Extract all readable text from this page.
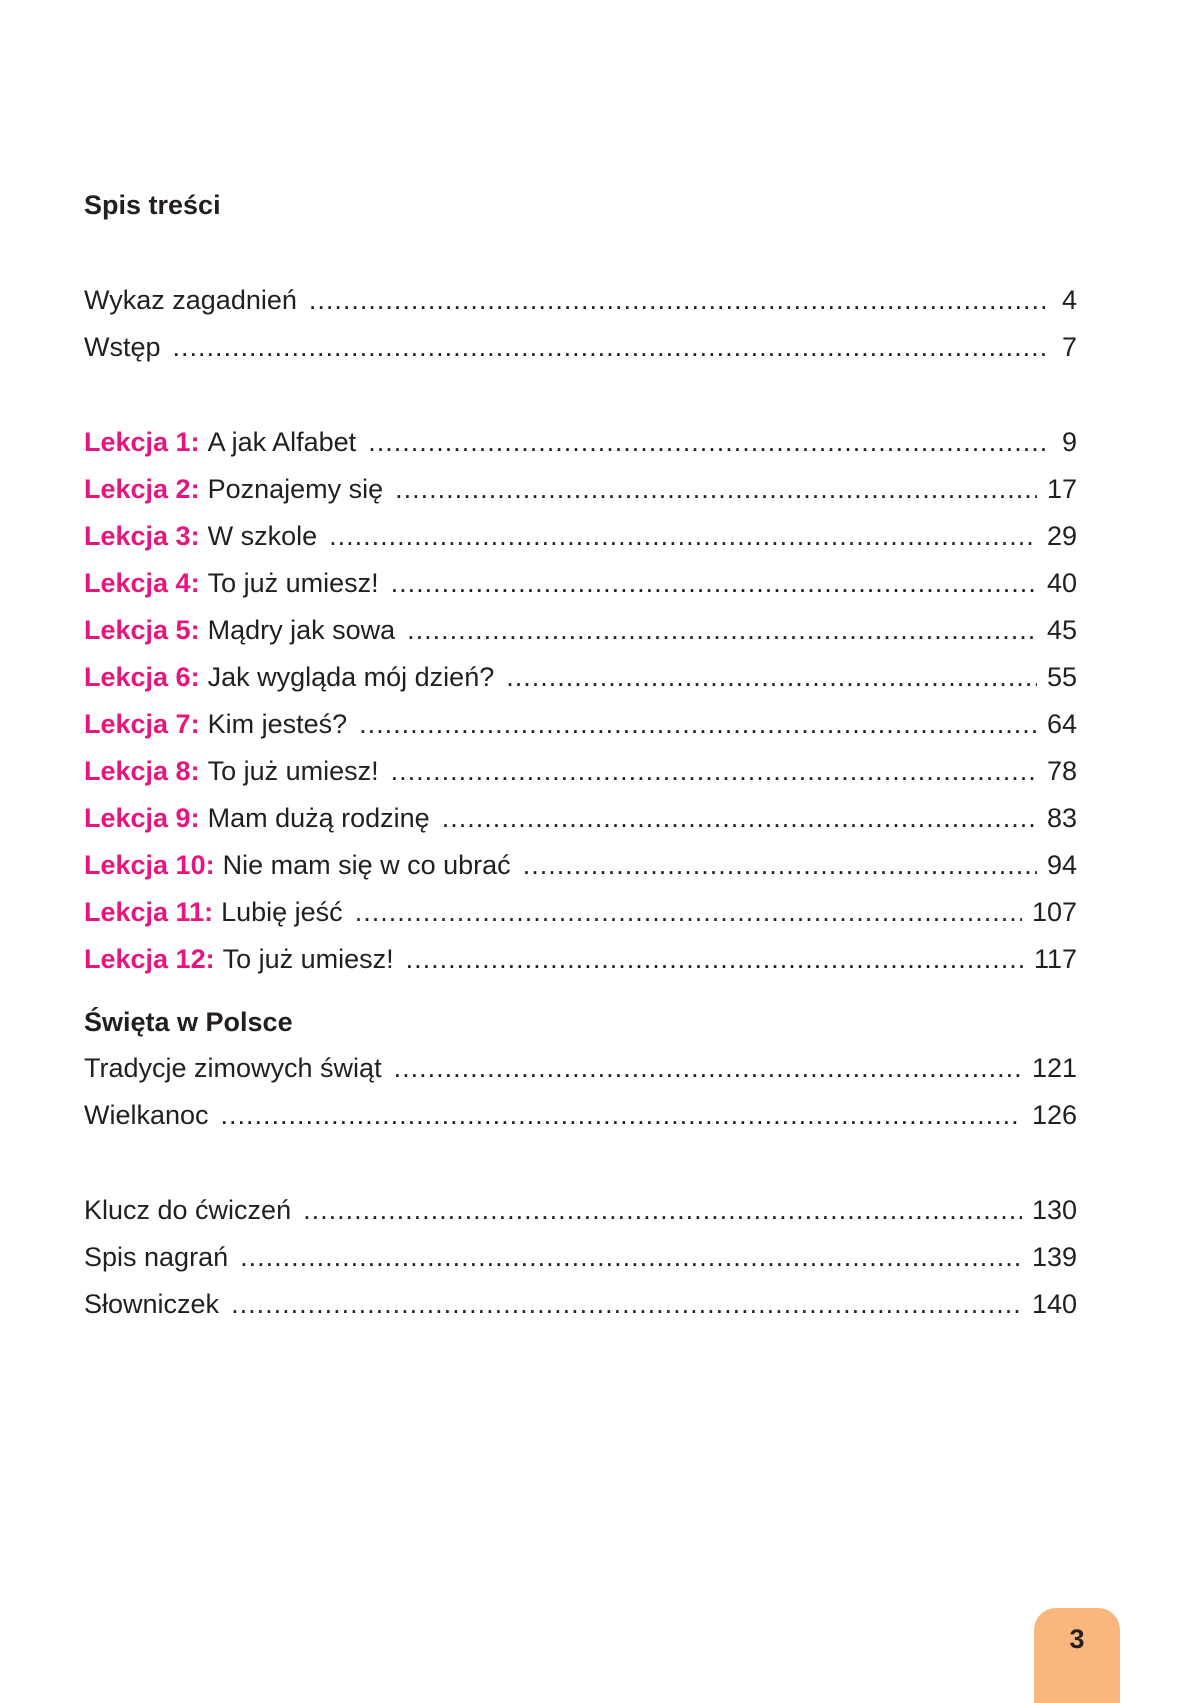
Spis treści
Wykaz zagadnień .....	4
Wstęp .....	7
Lekcja 1: A jak Alfabet .....	9
Lekcja 2: Poznajemy się .....	17
Lekcja 3: W szkole .....	29
Lekcja 4: To już umiesz! .....	40
Lekcja 5: Mądry jak sowa .....	45
Lekcja 6: Jak wygląda mój dzień? .....	55
Lekcja 7: Kim jesteś? .....	64
Lekcja 8: To już umiesz! .....	78
Lekcja 9: Mam dużą rodzinę .....	83
Lekcja 10: Nie mam się w co ubrać .....	94
Lekcja 11: Lubię jeść .....	107
Lekcja 12: To już umiesz! .....	117
Święta w Polsce
Tradycje zimowych świąt .....	121
Wielkanoc .....	126
Klucz do ćwiczeń .....	130
Spis nagrań .....	139
Słowniczek .....	140
3
